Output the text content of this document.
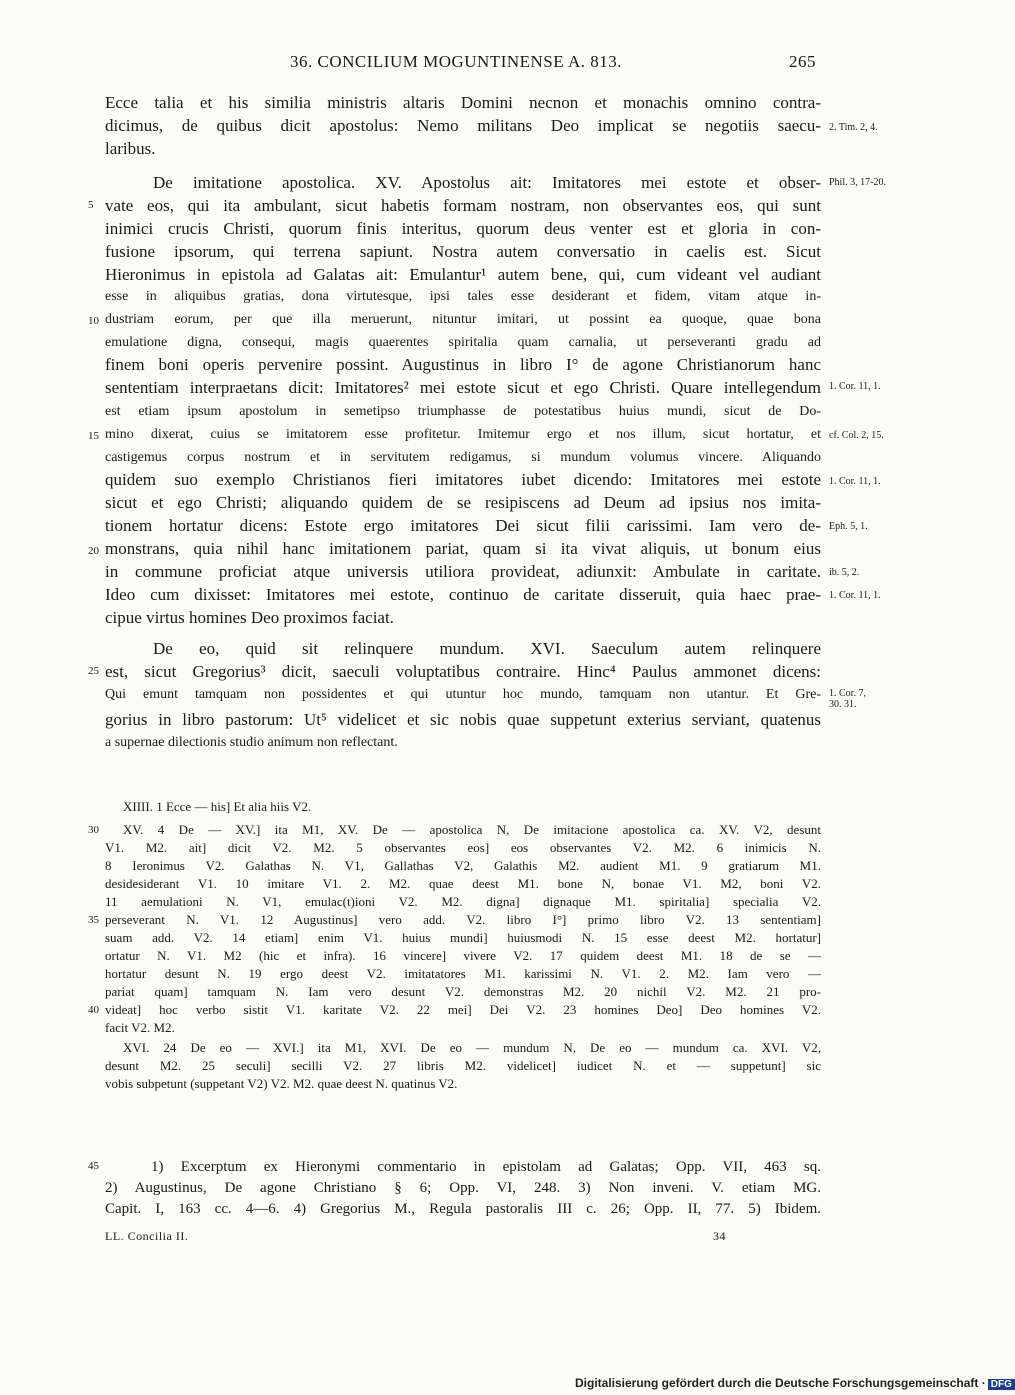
36. CONCILIUM MOGUNTINENSE A. 813.	265
Ecce talia et his similia ministris altaris Domini necnon et monachis omnino contra-
dicimus, de quibus dicit apostolus: Nemo militans Deo implicat se negotiis saecu-
laribus.
De imitatione apostolica. XV. Apostolus ait: Imitatores mei estote et obser-
vate eos, qui ita ambulant, sicut habetis formam nostram, non observantes eos, qui sunt
inimici crucis Christi, quorum finis interitus, quorum deus venter est et gloria in con-
fusione ipsorum, qui terrena sapiunt. Nostra autem conversatio in caelis est. Sicut
Hieronimus in epistola ad Galatas ait: Emulantur¹ autem bene, qui, cum videant vel audiant
esse in aliquibus gratias, dona virtutesque, ipsi tales esse desiderant et fidem, vitam atque in-
dustriam eorum, per que illa meruerunt, nituntur imitari, ut possint ea quoque, quae bona
emulatione digna, consequi, magis quaerentes spiritalia quam carnalia, ut perseveranti gradu ad
finem boni operis pervenire possint. Augustinus in libro I° de agone Christianorum hanc
sententiam interpraetans dicit: Imitatores² mei estote sicut et ego Christi. Quare intellegendum
est etiam ipsum apostolum in semetipso triumphasse de potestatibus huius mundi, sicut de Do-
mino dixerat, cuius se imitatorem esse profitetur. Imitemur ergo et nos illum, sicut hortatur, et
castigemus corpus nostrum et in servitutem redigamus, si mundum volumus vincere. Aliquando
quidem suo exemplo Christianos fieri imitatores iubet dicendo: Imitatores mei estote
sicut et ego Christi; aliquando quidem de se resipiscens ad Deum ad ipsius nos imita-
tionem hortatur dicens: Estote ergo imitatores Dei sicut filii carissimi. Iam vero de-
monstrans, quia nihil hanc imitationem pariat, quam si ita vivat aliquis, ut bonum eius
in commune proficiat atque universis utiliora provideat, adiunxit: Ambulate in caritate.
Ideo cum dixisset: Imitatores mei estote, continuo de caritate disseruit, quia haec prae-
cipue virtus homines Deo proximos faciat.
De eo, quid sit relinquere mundum. XVI. Saeculum autem relinquere
est, sicut Gregorius³ dicit, saeculi voluptatibus contraire. Hinc⁴ Paulus ammonet dicens:
Qui emunt tamquam non possidentes et qui utuntur hoc mundo, tamquam non utantur. Et Gre-
gorius in libro pastorum: Ut⁵ videlicet et sic nobis quae suppetunt exterius serviant, quatenus
a supernae dilectionis studio animum non reflectant.
XIIII. 1 Ecce — his] Et alia hiis V2.
XV. 4 De — XV.] ita M1, XV. De — apostolica N, De imitacione apostolica ca. XV. V2, desunt
V1. M2. ait] dicit V2. M2. 5 observantes eos] eos observantes V2. M2. 6 inimicis N.
8 Ieronimus V2. Galathas N. V1, Gallathas V2, Galathis M2. audient M1. 9 gratiarum M1.
desidesiderant V1. 10 imitare V1. 2. M2. quae deest M1. bone N, bonae V1. M2, boni V2.
11 aemulationi N. V1, emulac(t)ioni V2. M2. digna] dignaque M1. spiritalia] specialia V2.
perseverant N. V1. 12 Augustinus] vero add. V2. libro I°] primo libro V2. 13 sententiam]
suam add. V2. 14 etiam] enim V1. huius mundi] huiusmodi N. 15 esse deest M2. hortatur]
ortatur N. V1. M2 (hic et infra). 16 vincere] vivere V2. 17 quidem deest M1. 18 de se —
hortatur desunt N. 19 ergo deest V2. imitatatores M1. karissimi N. V1. 2. M2. Iam vero —
pariat quam] tamquam N. Iam vero desunt V2. demonstras M2. 20 nichil V2. M2. 21 pro-
videat] hoc verbo sistit V1. karitate V2. 22 mei] Dei V2. 23 homines Deo] Deo homines V2.
facit V2. M2.
XVI. 24 De eo — XVI.] ita M1, XVI. De eo — mundum N, De eo — mundum ca. XVI. V2,
desunt M2. 25 seculi] secilli V2. 27 libris M2. videlicet] iudicet N. et — suppetunt] sic
vobis subpetunt (suppetant V2) V2. M2. quae deest N. quatinus V2.
1) Excerptum ex Hieronymi commentario in epistolam ad Galatas; Opp. VII, 463 sq.
2) Augustinus, De agone Christiano § 6; Opp. VI, 248. 3) Non inveni. V. etiam MG.
Capit. I, 163 cc. 4—6. 4) Gregorius M., Regula pastoralis III c. 26; Opp. II, 77. 5) Ibidem.
5
10
15
20
25
30
35
40
45
2. Tim. 2, 4.
Phil. 3, 17-20.
1. Cor. 11, 1.
cf. Col. 2, 15.
1. Cor. 11, 1.
Eph. 5, 1.
ib. 5, 2.
1. Cor. 11, 1.
1. Cor. 7,
30. 31.
LL. Concilia II.	34
Digitalisierung gefördert durch die Deutsche Forschungsgemeinschaft · DFG
